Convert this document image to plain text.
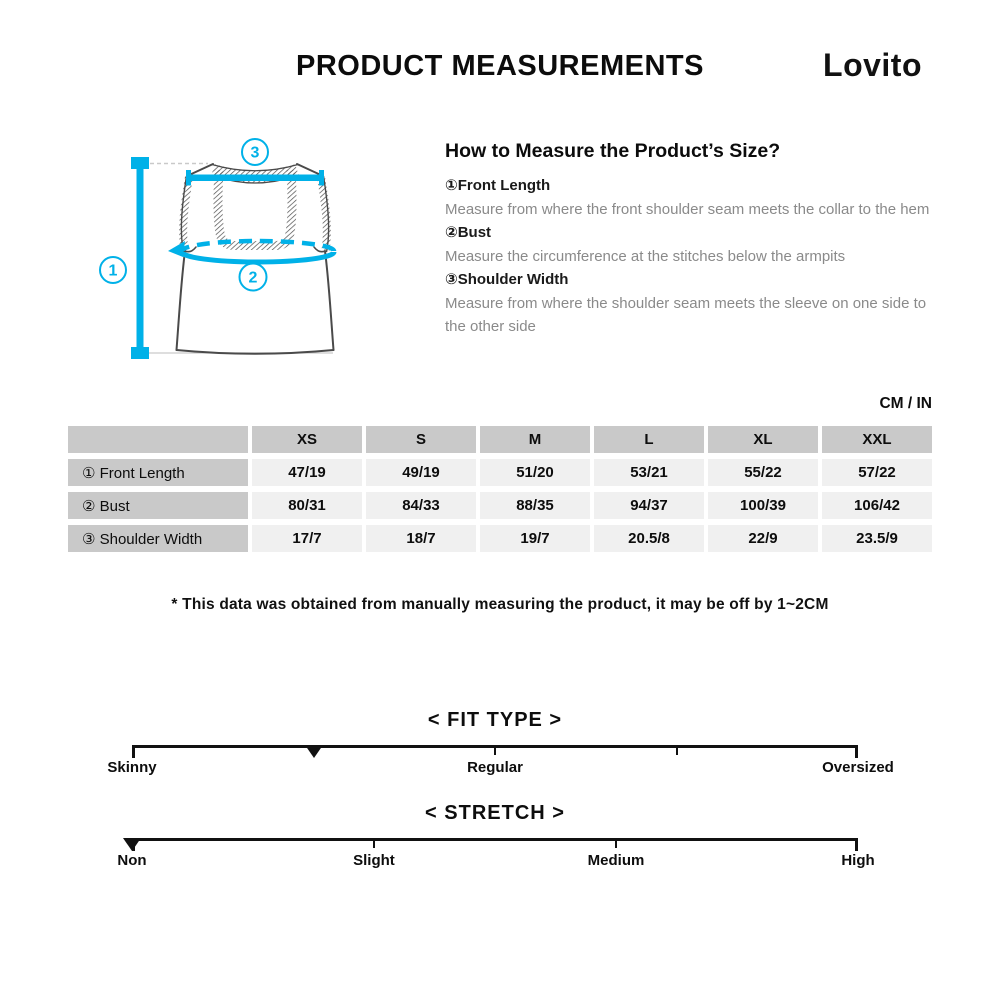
PRODUCT MEASUREMENTS	Lovito
1	2
3	How to Measure the Product’s Size?
①Front Length
Measure from where the front shoulder seam meets the collar to the hem
②Bust
Measure the circumference at the stitches below the armpits
③Shoulder Width
Measure from where the shoulder seam meets the sleeve on one side to the other side
CM / IN
	XS	S	M	L	XL	XXL
① Front Length	47/19	49/19	51/20	53/21	55/22	57/22
② Bust	80/31	84/33	88/35	94/37	100/39	106/42
③ Shoulder Width	17/7	18/7	19/7	20.5/8	22/9	23.5/9
* This data was obtained from manually measuring the product, it may be off by 1~2CM
< FIT TYPE >
Skinny	Regular	Oversized
< STRETCH >
Non	Slight	Medium	High
